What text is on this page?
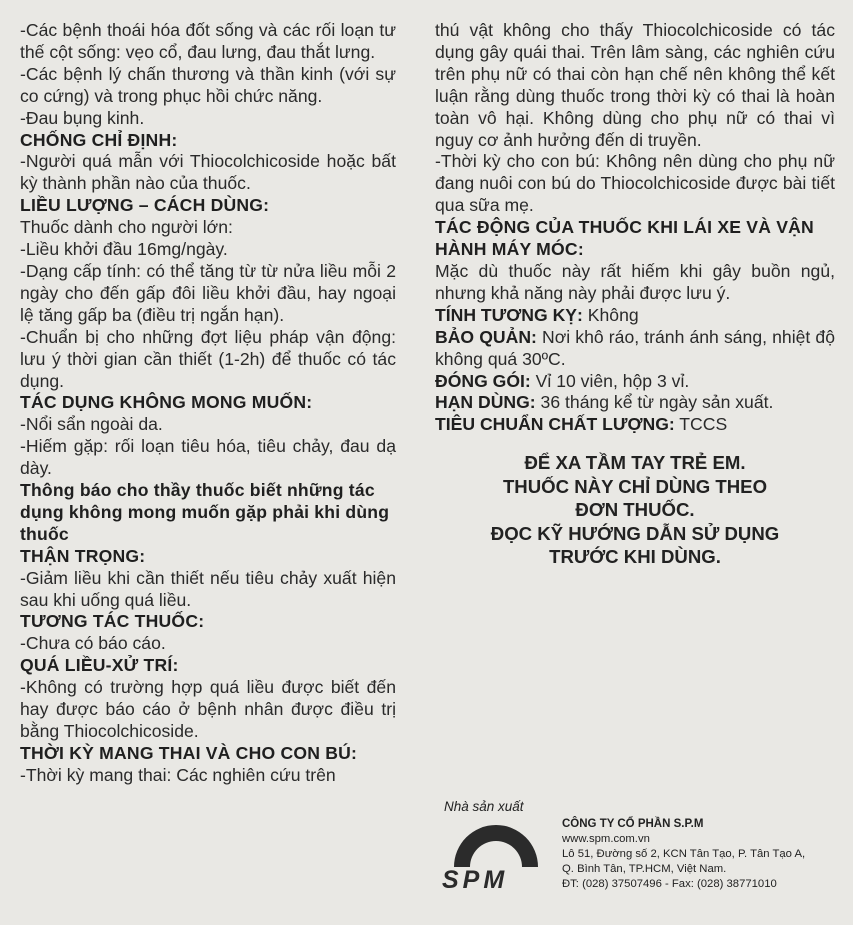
-Các bệnh thoái hóa đốt sống và các rối loạn tư thế cột sống: vẹo cổ, đau lưng, đau thắt lưng.
-Các bệnh lý chấn thương và thần kinh (với sự co cứng) và trong phục hồi chức năng.
-Đau bụng kinh.
CHỐNG CHỈ ĐỊNH:
-Người quá mẫn với Thiocolchicoside hoặc bất kỳ thành phần nào của thuốc.
LIỀU LƯỢNG – CÁCH DÙNG:
Thuốc dành cho người lớn:
-Liều khởi đầu 16mg/ngày.
-Dạng cấp tính: có thể tăng từ từ nửa liều mỗi 2 ngày cho đến gấp đôi liều khởi đầu, hay ngoại lệ tăng gấp ba (điều trị ngắn hạn).
-Chuẩn bị cho những đợt liệu pháp vận động: lưu ý thời gian cần thiết (1-2h) để thuốc có tác dụng.
TÁC DỤNG KHÔNG MONG MUỐN:
-Nổi sẩn ngoài da.
-Hiếm gặp: rối loạn tiêu hóa, tiêu chảy, đau dạ dày.
Thông báo cho thầy thuốc biết những tác dụng không mong muốn gặp phải khi dùng thuốc
THẬN TRỌNG:
-Giảm liều khi cần thiết nếu tiêu chảy xuất hiện sau khi uống quá liều.
TƯƠNG TÁC THUỐC:
-Chưa có báo cáo.
QUÁ LIỀU-XỬ TRÍ:
-Không có trường hợp quá liều được biết đến hay được báo cáo ở bệnh nhân được điều trị bằng Thiocolchicoside.
THỜI KỲ MANG THAI VÀ CHO CON BÚ:
-Thời kỳ mang thai: Các nghiên cứu trên
thú vật không cho thấy Thiocolchicoside có tác dụng gây quái thai. Trên lâm sàng, các nghiên cứu trên phụ nữ có thai còn hạn chế nên không thể kết luận rằng dùng thuốc trong thời kỳ có thai là hoàn toàn vô hại. Không dùng cho phụ nữ có thai vì nguy cơ ảnh hưởng đến di truyền.
-Thời kỳ cho con bú: Không nên dùng cho phụ nữ đang nuôi con bú do Thiocolchicoside được bài tiết qua sữa mẹ.
TÁC ĐỘNG CỦA THUỐC KHI LÁI XE VÀ VẬN HÀNH MÁY MÓC:
Mặc dù thuốc này rất hiếm khi gây buồn ngủ, nhưng khả năng này phải được lưu ý.
TÍNH TƯƠNG KỴ: Không
BẢO QUẢN: Nơi khô ráo, tránh ánh sáng, nhiệt độ không quá 30ºC.
ĐÓNG GÓI: Vỉ 10 viên, hộp 3 vỉ.
HẠN DÙNG: 36 tháng kể từ ngày sản xuất.
TIÊU CHUẨN CHẤT LƯỢNG: TCCS
ĐỂ XA TẦM TAY TRẺ EM.
THUỐC NÀY CHỈ DÙNG THEO
ĐƠN THUỐC.
ĐỌC KỸ HƯỚNG DẪN SỬ DỤNG
TRƯỚC KHI DÙNG.
Nhà sản xuất
SPM
CÔNG TY CỔ PHẦN S.P.M
www.spm.com.vn
Lô 51, Đường số 2, KCN Tân Tạo, P. Tân Tạo A,
Q. Bình Tân, TP.HCM, Việt Nam.
ĐT: (028) 37507496 - Fax: (028) 38771010
